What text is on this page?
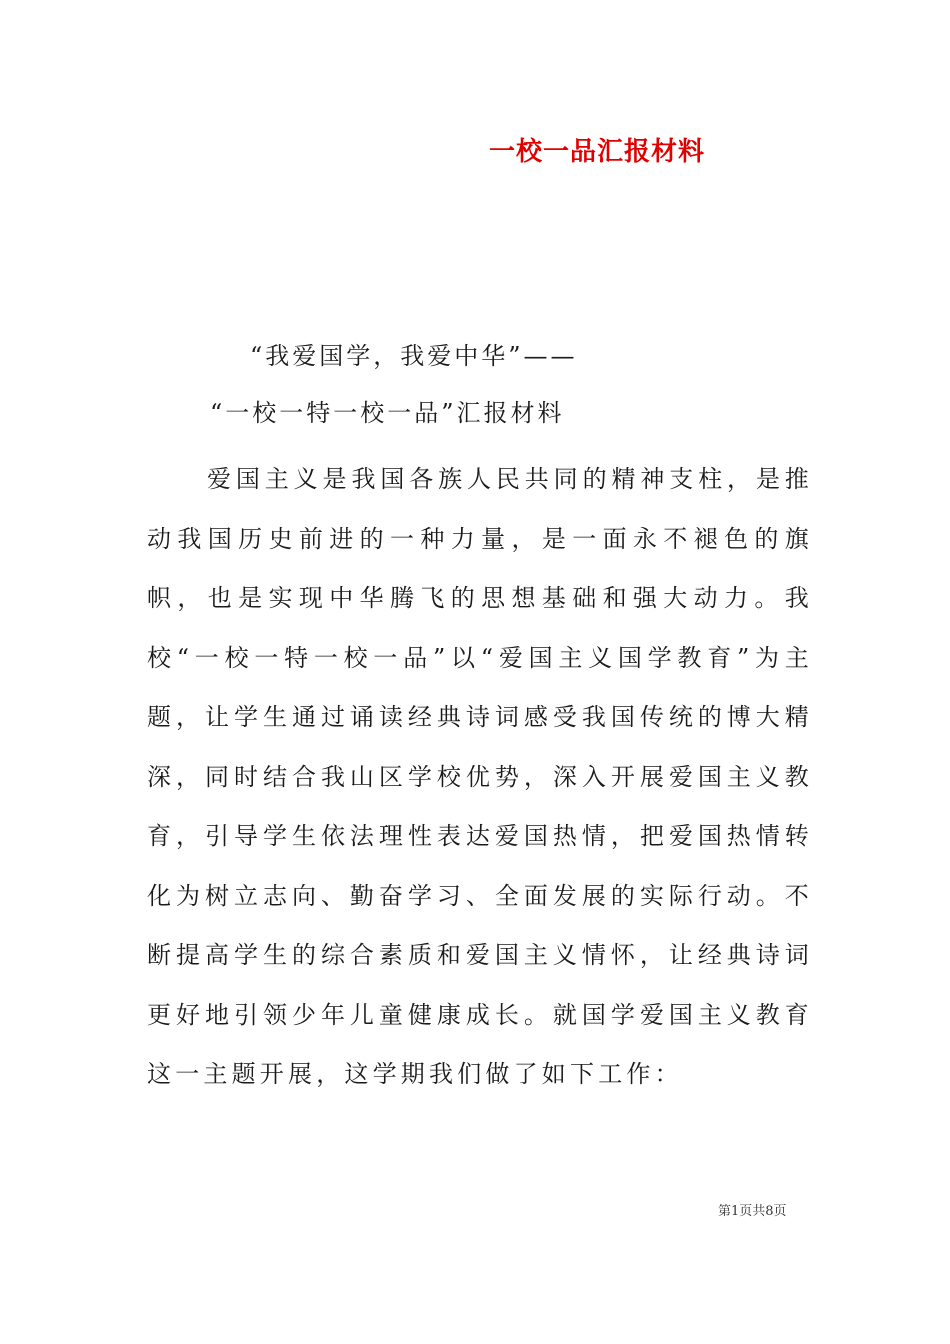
一校一品汇报材料

“我爱国学，我爱中华”——

“一校一特一校一品”汇报材料

爱国主义是我国各族人民共同的精神支柱，是推动我国历史前进的一种力量，是一面永不褪色的旗帜，也是实现中华腾飞的思想基础和强大动力。我校“一校一特一校一品”以“爱国主义国学教育”为主题，让学生通过诵读经典诗词感受我国传统的博大精深，同时结合我山区学校优势，深入开展爱国主义教育，引导学生依法理性表达爱国热情，把爱国热情转化为树立志向、勤奋学习、全面发展的实际行动。不断提高学生的综合素质和爱国主义情怀，让经典诗词更好地引领少年儿童健康成长。就国学爱国主义教育这一主题开展，这学期我们做了如下工作：

第1页共8页
